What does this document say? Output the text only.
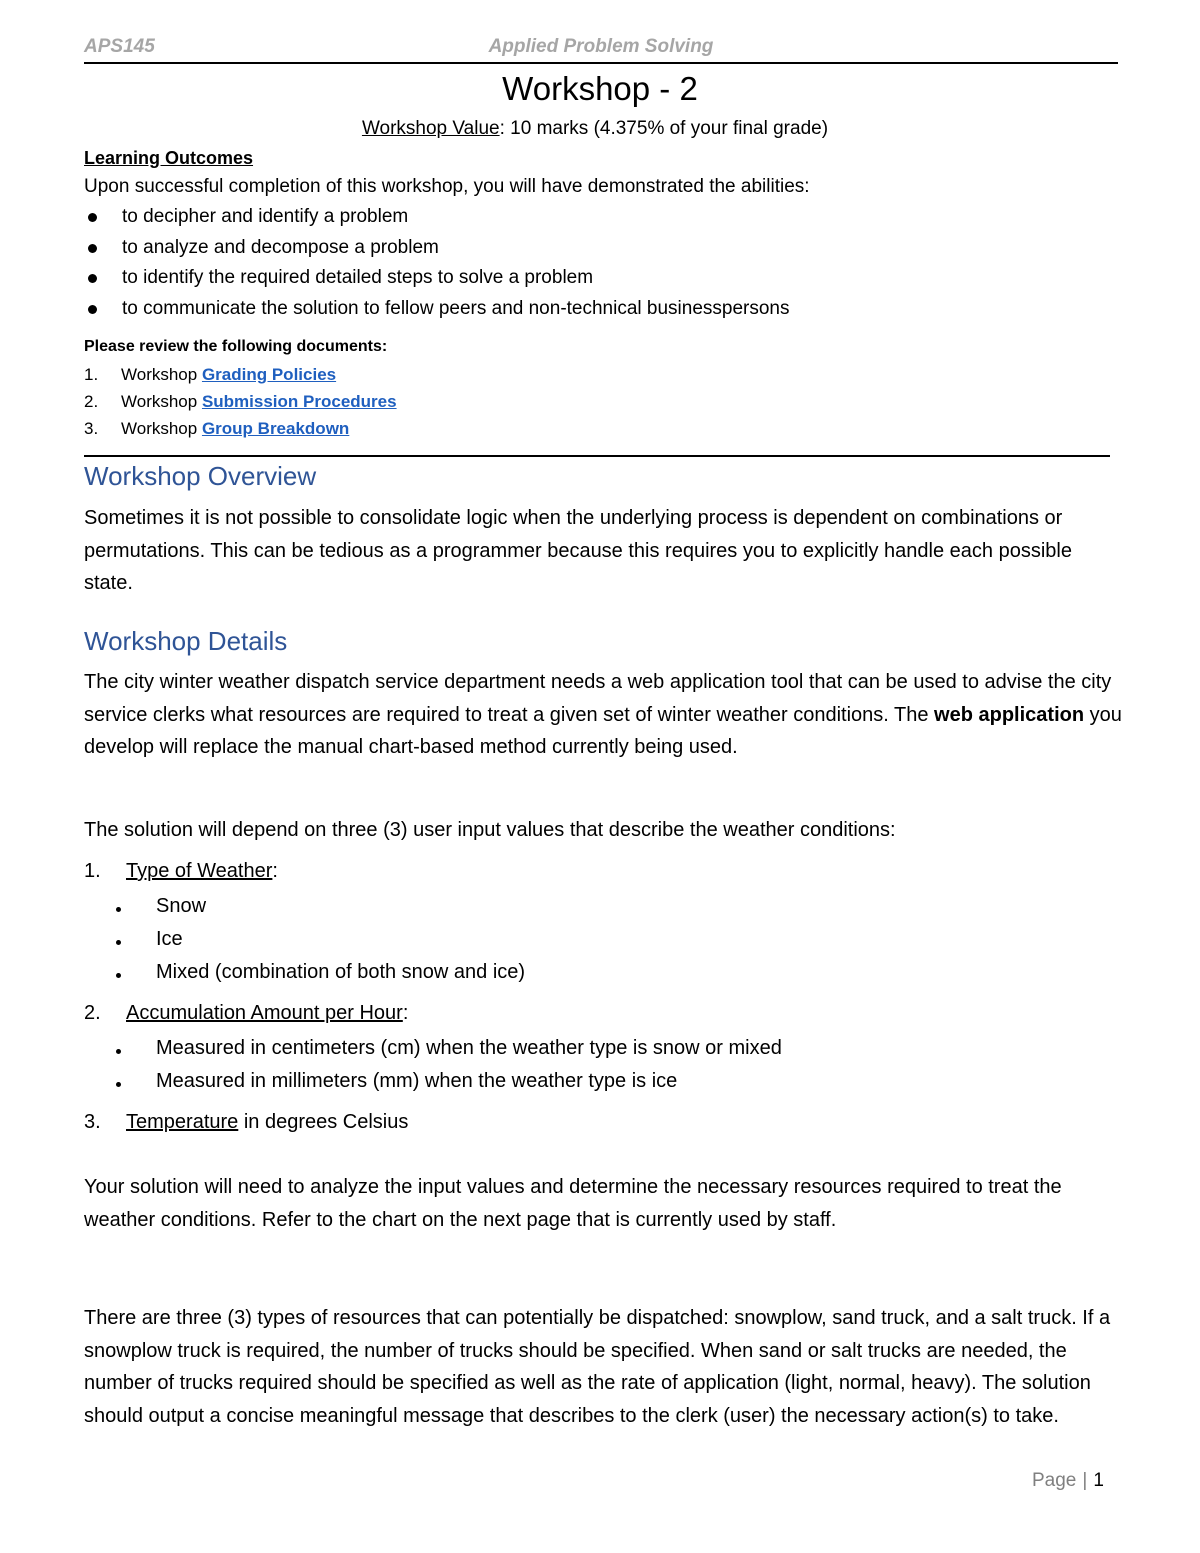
APS145	Applied Problem Solving
Workshop - 2
Workshop Value: 10 marks (4.375% of your final grade)
Learning Outcomes
Upon successful completion of this workshop, you will have demonstrated the abilities:
to decipher and identify a problem
to analyze and decompose a problem
to identify the required detailed steps to solve a problem
to communicate the solution to fellow peers and non-technical businesspersons
Please review the following documents:
1. Workshop Grading Policies
2. Workshop Submission Procedures
3. Workshop Group Breakdown
Workshop Overview
Sometimes it is not possible to consolidate logic when the underlying process is dependent on combinations or permutations. This can be tedious as a programmer because this requires you to explicitly handle each possible state.
Workshop Details
The city winter weather dispatch service department needs a web application tool that can be used to advise the city service clerks what resources are required to treat a given set of winter weather conditions. The web application you develop will replace the manual chart-based method currently being used.
The solution will depend on three (3) user input values that describe the weather conditions:
1. Type of Weather:
Snow
Ice
Mixed (combination of both snow and ice)
2. Accumulation Amount per Hour:
Measured in centimeters (cm) when the weather type is snow or mixed
Measured in millimeters (mm) when the weather type is ice
3. Temperature in degrees Celsius
Your solution will need to analyze the input values and determine the necessary resources required to treat the weather conditions. Refer to the chart on the next page that is currently used by staff.
There are three (3) types of resources that can potentially be dispatched: snowplow, sand truck, and a salt truck. If a snowplow truck is required, the number of trucks should be specified. When sand or salt trucks are needed, the number of trucks required should be specified as well as the rate of application (light, normal, heavy). The solution should output a concise meaningful message that describes to the clerk (user) the necessary action(s) to take.
Page | 1
